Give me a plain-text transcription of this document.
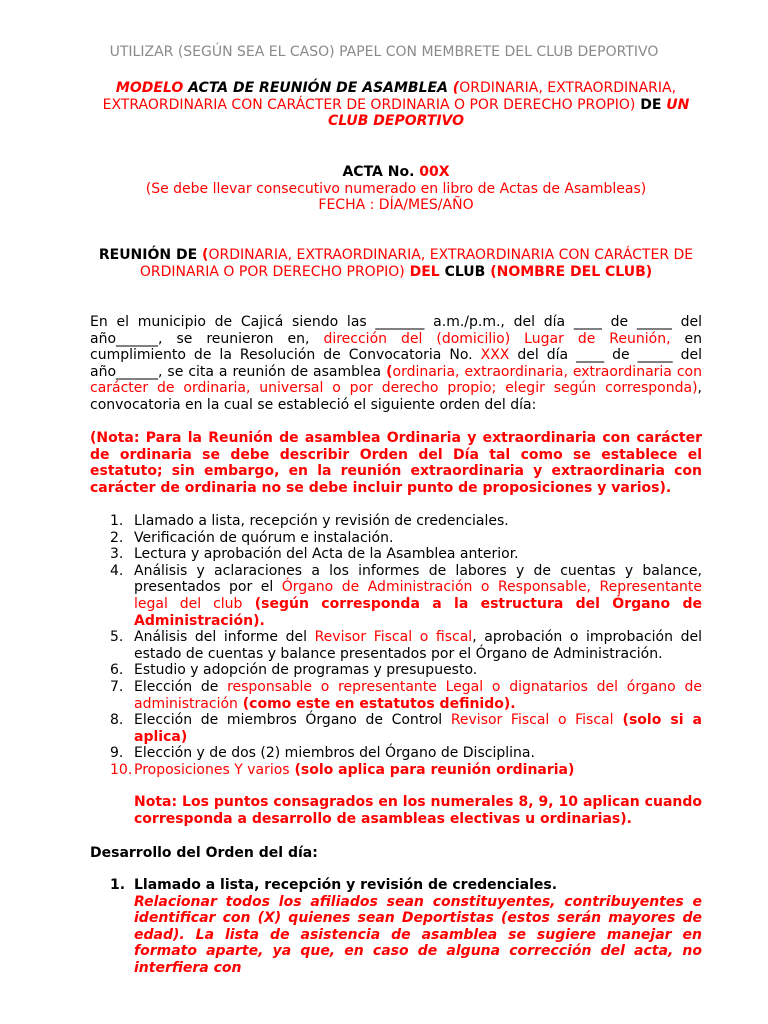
UTILIZAR (SEGÚN SEA EL CASO) PAPEL CON MEMBRETE DEL CLUB DEPORTIVO
MODELO ACTA DE REUNIÓN DE ASAMBLEA (ORDINARIA, EXTRAORDINARIA, EXTRAORDINARIA CON CARÁCTER DE ORDINARIA O POR DERECHO PROPIO) DE UN CLUB DEPORTIVO
ACTA No. 00X
(Se debe llevar consecutivo numerado en libro de Actas de Asambleas)
FECHA : DÍA/MES/AÑO
REUNIÓN DE (ORDINARIA, EXTRAORDINARIA, EXTRAORDINARIA CON CARÁCTER DE ORDINARIA O POR DERECHO PROPIO) DEL CLUB (NOMBRE DEL CLUB)
En el municipio de Cajicá siendo las _______ a.m./p.m., del día ____ de _____ del año______, se reunieron en, dirección del (domicilio) Lugar de Reunión, en cumplimiento de la Resolución de Convocatoria No. XXX del día ____ de _____ del año______, se cita a reunión de asamblea (ordinaria, extraordinaria, extraordinaria con carácter de ordinaria, universal o por derecho propio; elegir según corresponda), convocatoria en la cual se estableció el siguiente orden del día:
(Nota: Para la Reunión de asamblea Ordinaria y extraordinaria con carácter de ordinaria se debe describir Orden del Día tal como se establece el estatuto; sin embargo, en la reunión extraordinaria y extraordinaria con carácter de ordinaria no se debe incluir punto de proposiciones y varios).
1. Llamado a lista, recepción y revisión de credenciales.
2. Verificación de quórum e instalación.
3. Lectura y aprobación del Acta de la Asamblea anterior.
4. Análisis y aclaraciones a los informes de labores y de cuentas y balance, presentados por el Órgano de Administración o Responsable, Representante legal del club (según corresponda a la estructura del Órgano de Administración).
5. Análisis del informe del Revisor Fiscal o fiscal, aprobación o improbación del estado de cuentas y balance presentados por el Órgano de Administración.
6. Estudio y adopción de programas y presupuesto.
7. Elección de responsable o representante Legal o dignatarios del órgano de administración (como este en estatutos definido).
8. Elección de miembros Órgano de Control Revisor Fiscal o Fiscal (solo si a aplica)
9. Elección y de dos (2) miembros del Órgano de Disciplina.
10. Proposiciones Y varios (solo aplica para reunión ordinaria)
Nota: Los puntos consagrados en los numerales 8, 9, 10 aplican cuando corresponda a desarrollo de asambleas electivas u ordinarias).
Desarrollo del Orden del día:
1. Llamado a lista, recepción y revisión de credenciales.
Relacionar todos los afiliados sean constituyentes, contribuyentes e identificar con (X) quienes sean Deportistas (estos serán mayores de edad). La lista de asistencia de asamblea se sugiere manejar en formato aparte, ya que, en caso de alguna corrección del acta, no interfiera con
